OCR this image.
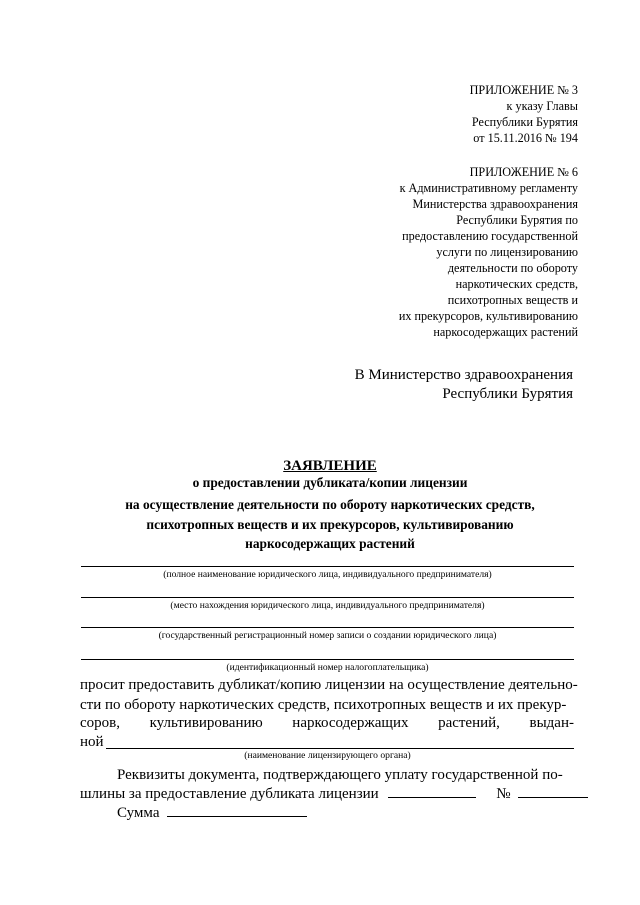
ПРИЛОЖЕНИЕ № 3
к указу Главы
Республики Бурятия
от 15.11.2016 № 194
ПРИЛОЖЕНИЕ № 6
к Административному регламенту
Министерства здравоохранения
Республики Бурятия по
предоставлению государственной
услуги по лицензированию
деятельности по обороту
наркотических средств,
психотропных веществ и
их прекурсоров, культивированию
наркосодержащих растений
В Министерство здравоохранения
Республики Бурятия
ЗАЯВЛЕНИЕ
о предоставлении дубликата/копии лицензии
на осуществление деятельности по обороту наркотических средств,
психотропных веществ и их прекурсоров, культивированию
наркосодержащих растений
(полное наименование юридического лица, индивидуального предпринимателя)
(место нахождения юридического лица, индивидуального предпринимателя)
(государственный регистрационный номер записи о создании юридического лица)
(идентификационный номер налогоплательщика)
просит предоставить дубликат/копию лицензии на осуществление деятельно-
сти по обороту наркотических средств, психотропных веществ и их прекур-
соров, культивированию наркосодержащих растений, выдан-
ной
(наименование лицензирующего органа)
Реквизиты документа, подтверждающего уплату государственной по-
шлины за предоставление дубликата лицензии	№
Сумма
